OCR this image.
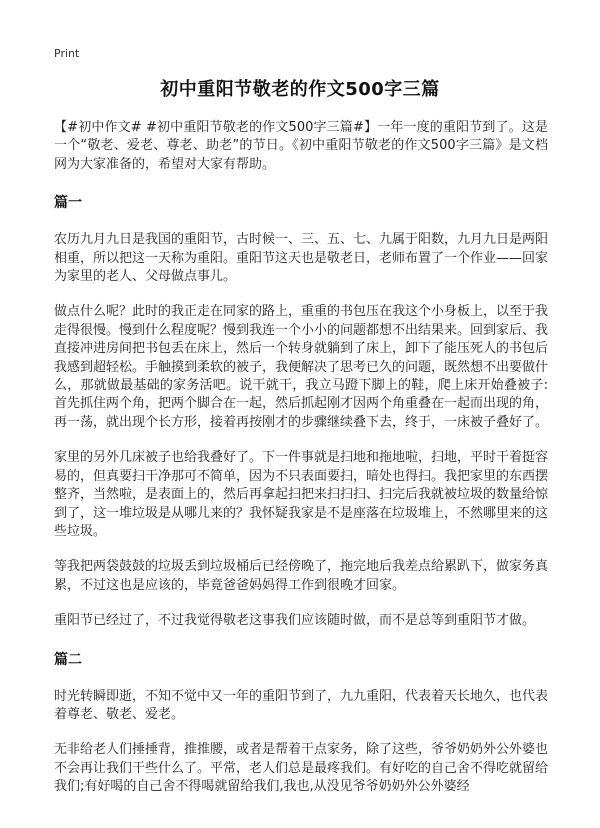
Print
初中重阳节敬老的作文500字三篇

【#初中作文# #初中重阳节敬老的作文500字三篇#】一年一度的重阳节到了。这是一个“敬老、爱老、尊老、助老”的节日。《初中重阳节敬老的作文500字三篇》是文档网为大家准备的，希望对大家有帮助。

篇一

农历九月九日是我国的重阳节，古时候一、三、五、七、九属于阳数，九月九日是两阳相重，所以把这一天称为重阳。重阳节这天也是敬老日，老师布置了一个作业——回家为家里的老人、父母做点事儿。

做点什么呢？此时的我正走在同家的路上，重重的书包压在我这个小身板上，以至于我走得很慢。慢到什么程度呢？慢到我连一个小小的问题都想不出结果来。回到家后、我直接冲进房间把书包丢在床上，然后一个转身就躺到了床上，卸下了能压死人的书包后我感到超轻松。手触摸到柔软的被子，我便解决了思考已久的问题，既然想不出要做什么，那就做最基础的家务活吧。说干就干，我立马蹬下脚上的鞋，爬上床开始叠被子:首先抓住两个角，把两个脚合在一起，然后抓起刚才因两个角重叠在一起而出现的角，再一荡，就出现个长方形，接着再按刚才的步骤继续叠下去，终于，一床被子叠好了。

家里的另外几床被子也给我叠好了。下一件事就是扫地和拖地啦，扫地，平时干着挺容易的，但真要扫干净那可不简单，因为不只表面要扫，暗处也得扫。我把家里的东西摆整齐，当然啦，是表面上的，然后再拿起扫把来扫扫扫、扫完后我就被垃圾的数量给惊到了，这一堆垃圾是从哪儿来的？我怀疑我家是不是座落在垃圾堆上，不然哪里来的这些垃圾。

等我把两袋鼓鼓的垃圾丢到垃圾桶后已经傍晚了，拖完地后我差点给累趴下，做家务真累，不过这也是应该的，毕竟爸爸妈妈得工作到很晚才回家。

重阳节已经过了，不过我觉得敬老这事我们应该随时做，而不是总等到重阳节才做。

篇二

时光转瞬即逝，不知不觉中又一年的重阳节到了，九九重阳，代表着天长地久，也代表着尊老、敬老、爱老。

无非给老人们捶捶背，推推腰，或者是帮着干点家务，除了这些，爷爷奶奶外公外婆也不会再让我们干些什么了。平常，老人们总是最疼我们。有好吃的自己舍不得吃就留给我们;有好喝的自己舍不得喝就留给我们,我也,从没见爷爷奶奶外公外婆经
